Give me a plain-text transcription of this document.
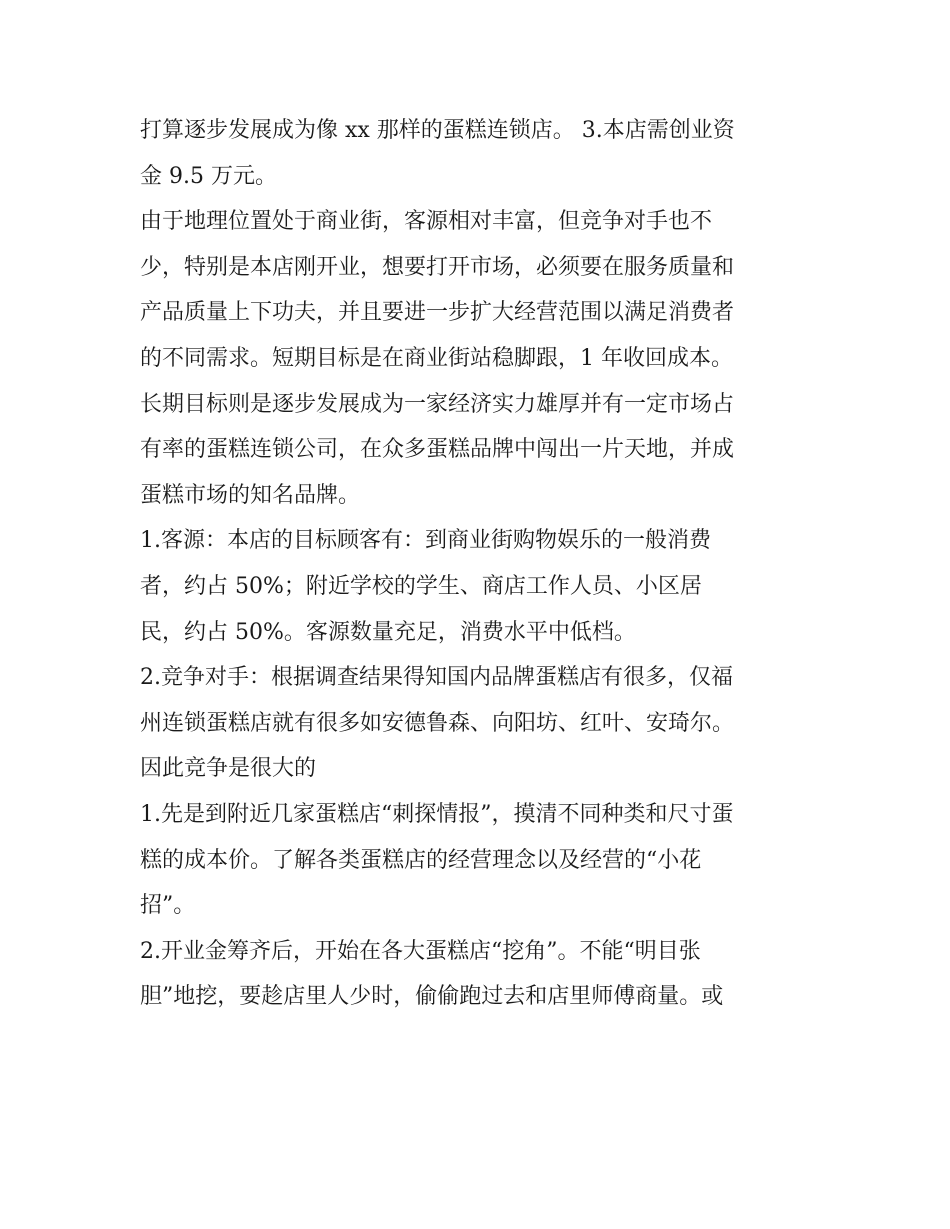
打算逐步发展成为像 xx 那样的蛋糕连锁店。 3.本店需创业资
金 9.5 万元。
由于地理位置处于商业街，客源相对丰富，但竞争对手也不
少，特别是本店刚开业，想要打开市场，必须要在服务质量和
产品质量上下功夫，并且要进一步扩大经营范围以满足消费者
的不同需求。短期目标是在商业街站稳脚跟，1 年收回成本。
长期目标则是逐步发展成为一家经济实力雄厚并有一定市场占
有率的蛋糕连锁公司，在众多蛋糕品牌中闯出一片天地，并成
蛋糕市场的知名品牌。
1.客源：本店的目标顾客有：到商业街购物娱乐的一般消费
者，约占 50%；附近学校的学生、商店工作人员、小区居
民，约占 50%。客源数量充足，消费水平中低档。
2.竞争对手：根据调查结果得知国内品牌蛋糕店有很多，仅福
州连锁蛋糕店就有很多如安德鲁森、向阳坊、红叶、安琦尔。
因此竞争是很大的
1.先是到附近几家蛋糕店“刺探情报”，摸清不同种类和尺寸蛋
糕的成本价。了解各类蛋糕店的经营理念以及经营的“小花
招”。
2.开业金筹齐后，开始在各大蛋糕店“挖角”。不能“明目张
胆”地挖，要趁店里人少时，偷偷跑过去和店里师傅商量。或
